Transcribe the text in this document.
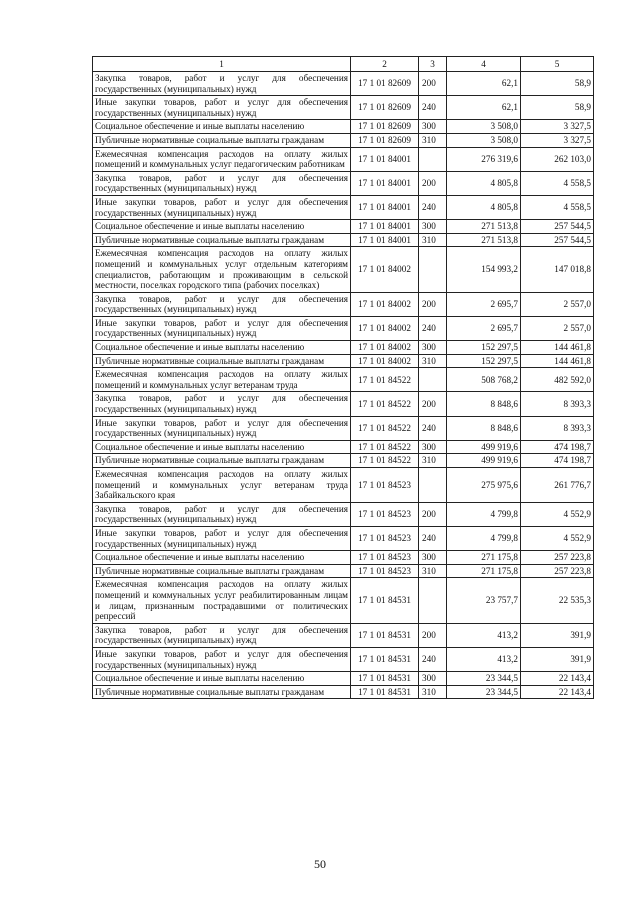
1	2	3	4	5
Закупка товаров, работ и услуг для обеспечения государственных (муниципальных) нужд	17 1 01 82609	200	62,1	58,9
Иные закупки товаров, работ и услуг для обеспечения государственных (муниципальных) нужд	17 1 01 82609	240	62,1	58,9
Социальное обеспечение и иные выплаты населению	17 1 01 82609	300	3 508,0	3 327,5
Публичные нормативные социальные выплаты гражданам	17 1 01 82609	310	3 508,0	3 327,5
Ежемесячная компенсация расходов на оплату жилых помещений и коммунальных услуг педагогическим работникам	17 1 01 84001		276 319,6	262 103,0
Закупка товаров, работ и услуг для обеспечения государственных (муниципальных) нужд	17 1 01 84001	200	4 805,8	4 558,5
Иные закупки товаров, работ и услуг для обеспечения государственных (муниципальных) нужд	17 1 01 84001	240	4 805,8	4 558,5
Социальное обеспечение и иные выплаты населению	17 1 01 84001	300	271 513,8	257 544,5
Публичные нормативные социальные выплаты гражданам	17 1 01 84001	310	271 513,8	257 544,5
Ежемесячная компенсация расходов на оплату жилых помещений и коммунальных услуг отдельным категориям специалистов, работающим и проживающим в сельской местности, поселках городского типа (рабочих поселках)	17 1 01 84002		154 993,2	147 018,8
Закупка товаров, работ и услуг для обеспечения государственных (муниципальных) нужд	17 1 01 84002	200	2 695,7	2 557,0
Иные закупки товаров, работ и услуг для обеспечения государственных (муниципальных) нужд	17 1 01 84002	240	2 695,7	2 557,0
Социальное обеспечение и иные выплаты населению	17 1 01 84002	300	152 297,5	144 461,8
Публичные нормативные социальные выплаты гражданам	17 1 01 84002	310	152 297,5	144 461,8
Ежемесячная компенсация расходов на оплату жилых помещений и коммунальных услуг ветеранам труда	17 1 01 84522		508 768,2	482 592,0
Закупка товаров, работ и услуг для обеспечения государственных (муниципальных) нужд	17 1 01 84522	200	8 848,6	8 393,3
Иные закупки товаров, работ и услуг для обеспечения государственных (муниципальных) нужд	17 1 01 84522	240	8 848,6	8 393,3
Социальное обеспечение и иные выплаты населению	17 1 01 84522	300	499 919,6	474 198,7
Публичные нормативные социальные выплаты гражданам	17 1 01 84522	310	499 919,6	474 198,7
Ежемесячная компенсация расходов на оплату жилых помещений и коммунальных услуг ветеранам труда Забайкальского края	17 1 01 84523		275 975,6	261 776,7
Закупка товаров, работ и услуг для обеспечения государственных (муниципальных) нужд	17 1 01 84523	200	4 799,8	4 552,9
Иные закупки товаров, работ и услуг для обеспечения государственных (муниципальных) нужд	17 1 01 84523	240	4 799,8	4 552,9
Социальное обеспечение и иные выплаты населению	17 1 01 84523	300	271 175,8	257 223,8
Публичные нормативные социальные выплаты гражданам	17 1 01 84523	310	271 175,8	257 223,8
Ежемесячная компенсация расходов на оплату жилых помещений и коммунальных услуг реабилитированным лицам и лицам, признанным пострадавшими от политических репрессий	17 1 01 84531		23 757,7	22 535,3
Закупка товаров, работ и услуг для обеспечения государственных (муниципальных) нужд	17 1 01 84531	200	413,2	391,9
Иные закупки товаров, работ и услуг для обеспечения государственных (муниципальных) нужд	17 1 01 84531	240	413,2	391,9
Социальное обеспечение и иные выплаты населению	17 1 01 84531	300	23 344,5	22 143,4
Публичные нормативные социальные выплаты гражданам	17 1 01 84531	310	23 344,5	22 143,4
50
